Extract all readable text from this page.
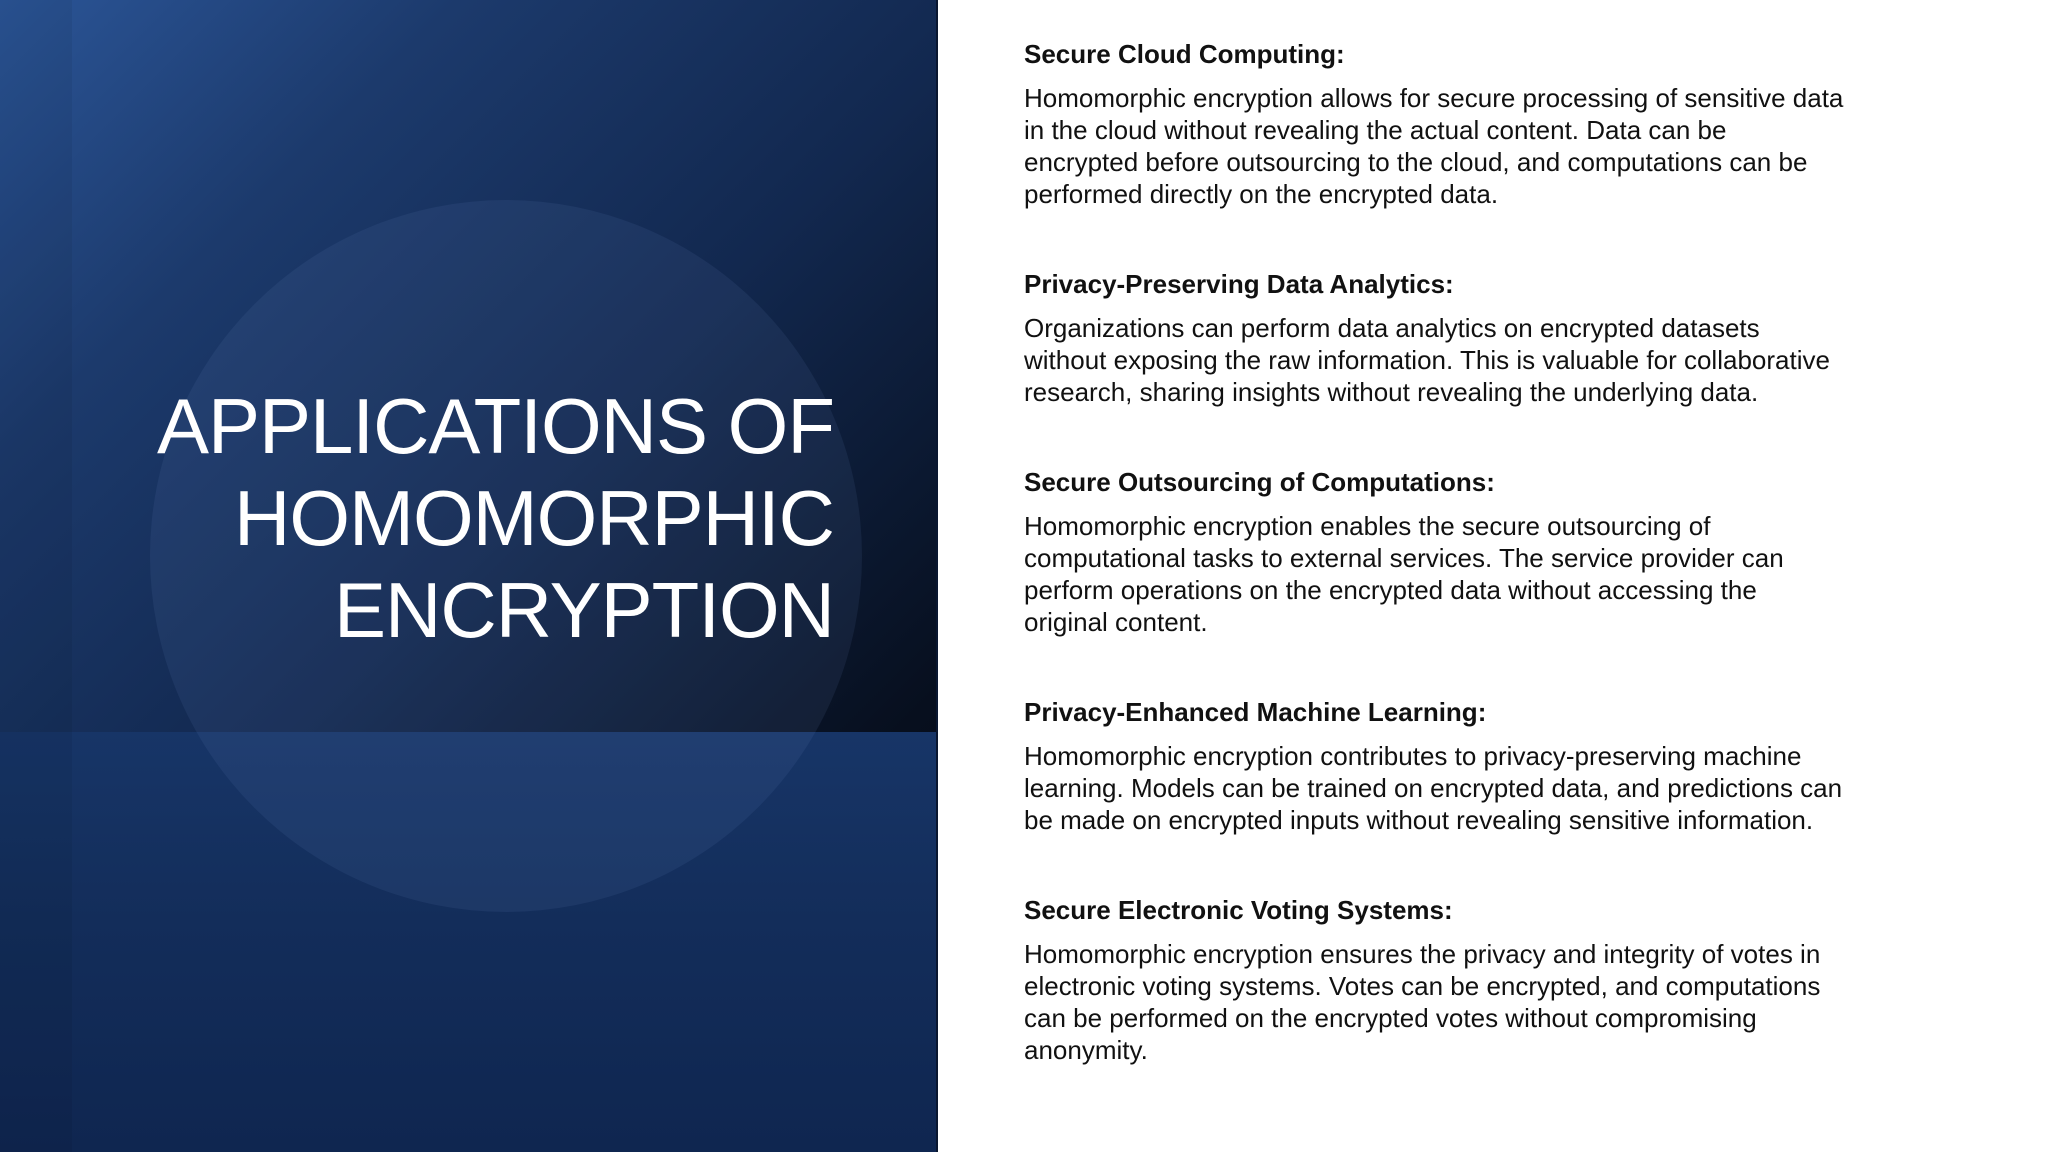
APPLICATIONS OF
HOMOMORPHIC
ENCRYPTION
Secure Cloud Computing:

Homomorphic encryption allows for secure processing of sensitive data in the cloud without revealing the actual content. Data can be encrypted before outsourcing to the cloud, and computations can be performed directly on the encrypted data.

Privacy-Preserving Data Analytics:

Organizations can perform data analytics on encrypted datasets without exposing the raw information. This is valuable for collaborative research, sharing insights without revealing the underlying data.

Secure Outsourcing of Computations:

Homomorphic encryption enables the secure outsourcing of computational tasks to external services. The service provider can perform operations on the encrypted data without accessing the original content.

Privacy-Enhanced Machine Learning:

Homomorphic encryption contributes to privacy-preserving machine learning. Models can be trained on encrypted data, and predictions can be made on encrypted inputs without revealing sensitive information.

Secure Electronic Voting Systems:

Homomorphic encryption ensures the privacy and integrity of votes in electronic voting systems. Votes can be encrypted, and computations can be performed on the encrypted votes without compromising anonymity.
